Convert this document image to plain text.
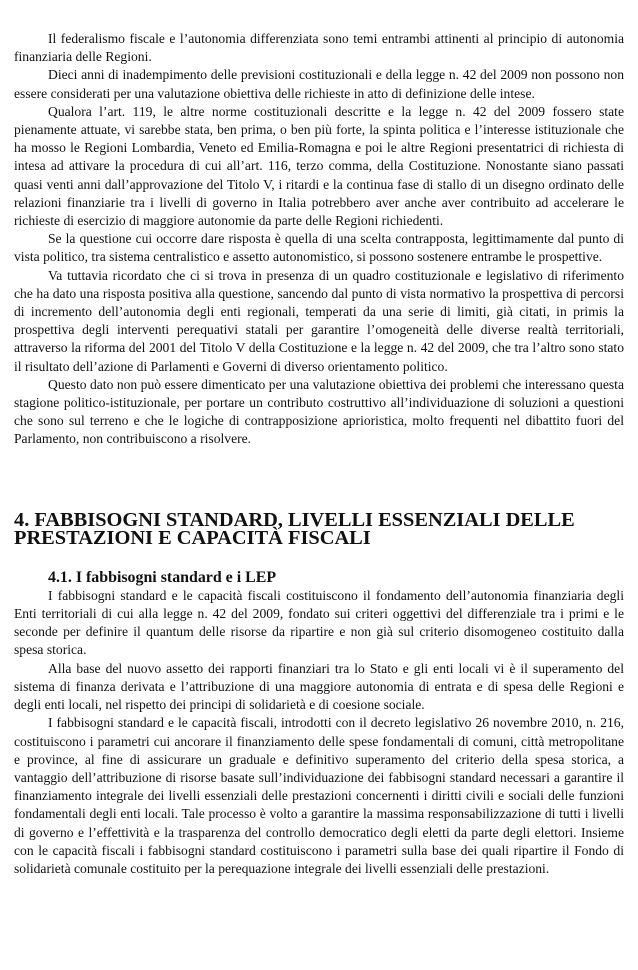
Il federalismo fiscale e l’autonomia differenziata sono temi entrambi attinenti al principio di autonomia finanziaria delle Regioni.

Dieci anni di inadempimento delle previsioni costituzionali e della legge n. 42 del 2009 non possono non essere considerati per una valutazione obiettiva delle richieste in atto di definizione delle intese.

Qualora l’art. 119, le altre norme costituzionali descritte e la legge n. 42 del 2009 fossero state pienamente attuate, vi sarebbe stata, ben prima, o ben più forte, la spinta politica e l’interesse istituzionale che ha mosso le Regioni Lombardia, Veneto ed Emilia-Romagna e poi le altre Regioni presentatrici di richiesta di intesa ad attivare la procedura di cui all’art. 116, terzo comma, della Costituzione. Nonostante siano passati quasi venti anni dall’approvazione del Titolo V, i ritardi e la continua fase di stallo di un disegno ordinato delle relazioni finanziarie tra i livelli di governo in Italia potrebbero aver anche aver contribuito ad accelerare le richieste di esercizio di maggiore autonomie da parte delle Regioni richiedenti.

Se la questione cui occorre dare risposta è quella di una scelta contrapposta, legittimamente dal punto di vista politico, tra sistema centralistico e assetto autonomistico, si possono sostenere entrambe le prospettive.

Va tuttavia ricordato che ci si trova in presenza di un quadro costituzionale e legislativo di riferimento che ha dato una risposta positiva alla questione, sancendo dal punto di vista normativo la prospettiva di percorsi di incremento dell’autonomia degli enti regionali, temperati da una serie di limiti, già citati, in primis la prospettiva degli interventi perequativi statali per garantire l’omogeneità delle diverse realtà territoriali, attraverso la riforma del 2001 del Titolo V della Costituzione e la legge n. 42 del 2009, che tra l’altro sono stato il risultato dell’azione di Parlamenti e Governi di diverso orientamento politico.

Questo dato non può essere dimenticato per una valutazione obiettiva dei problemi che interessano questa stagione politico-istituzionale, per portare un contributo costruttivo all’individuazione di soluzioni a questioni che sono sul terreno e che le logiche di contrapposizione aprioristica, molto frequenti nel dibattito fuori del Parlamento, non contribuiscono a risolvere.

4. FABBISOGNI STANDARD, LIVELLI ESSENZIALI DELLE PRESTAZIONI E CAPACITÀ FISCALI
4.1. I fabbisogni standard e i LEP

I fabbisogni standard e le capacità fiscali costituiscono il fondamento dell’autonomia finanziaria degli Enti territoriali di cui alla legge n. 42 del 2009, fondato sui criteri oggettivi del differenziale tra i primi e le seconde per definire il quantum delle risorse da ripartire e non già sul criterio disomogeneo costituito dalla spesa storica.

Alla base del nuovo assetto dei rapporti finanziari tra lo Stato e gli enti locali vi è il superamento del sistema di finanza derivata e l’attribuzione di una maggiore autonomia di entrata e di spesa delle Regioni e degli enti locali, nel rispetto dei principi di solidarietà e di coesione sociale.

I fabbisogni standard e le capacità fiscali, introdotti con il decreto legislativo 26 novembre 2010, n. 216, costituiscono i parametri cui ancorare il finanziamento delle spese fondamentali di comuni, città metropolitane e province, al fine di assicurare un graduale e definitivo superamento del criterio della spesa storica, a vantaggio dell’attribuzione di risorse basate sull’individuazione dei fabbisogni standard necessari a garantire il finanziamento integrale dei livelli essenziali delle prestazioni concernenti i diritti civili e sociali delle funzioni fondamentali degli enti locali. Tale processo è volto a garantire la massima responsabilizzazione di tutti i livelli di governo e l’effettività e la trasparenza del controllo democratico degli eletti da parte degli elettori. Insieme con le capacità fiscali i fabbisogni standard costituiscono i parametri sulla base dei quali ripartire il Fondo di solidarietà comunale costituito per la perequazione integrale dei livelli essenziali delle prestazioni.
